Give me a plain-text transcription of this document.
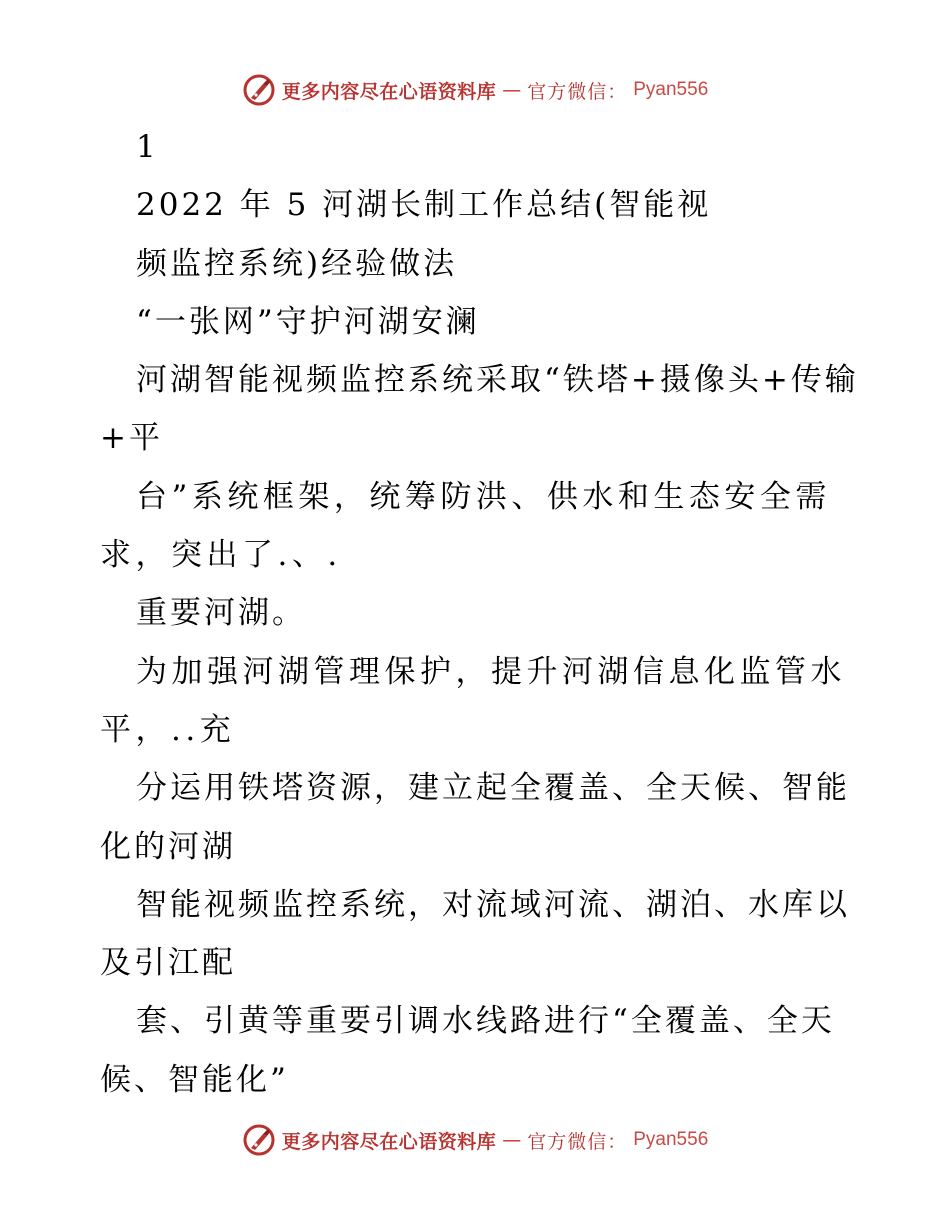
更多内容尽在心语资料库 — 官方微信： Pyan556
1
2022 年 5 河湖长制工作总结(智能视
频监控系统)经验做法
“一张网”守护河湖安澜
河湖智能视频监控系统采取“铁塔+摄像头+传输
+平
台”系统框架，统筹防洪、供水和生态安全需
求，突出了.、.
重要河湖。
为加强河湖管理保护，提升河湖信息化监管水
平，..充
分运用铁塔资源，建立起全覆盖、全天候、智能
化的河湖
智能视频监控系统，对流域河流、湖泊、水库以
及引江配
套、引黄等重要引调水线路进行“全覆盖、全天
候、智能化”
更多内容尽在心语资料库 — 官方微信： Pyan556
